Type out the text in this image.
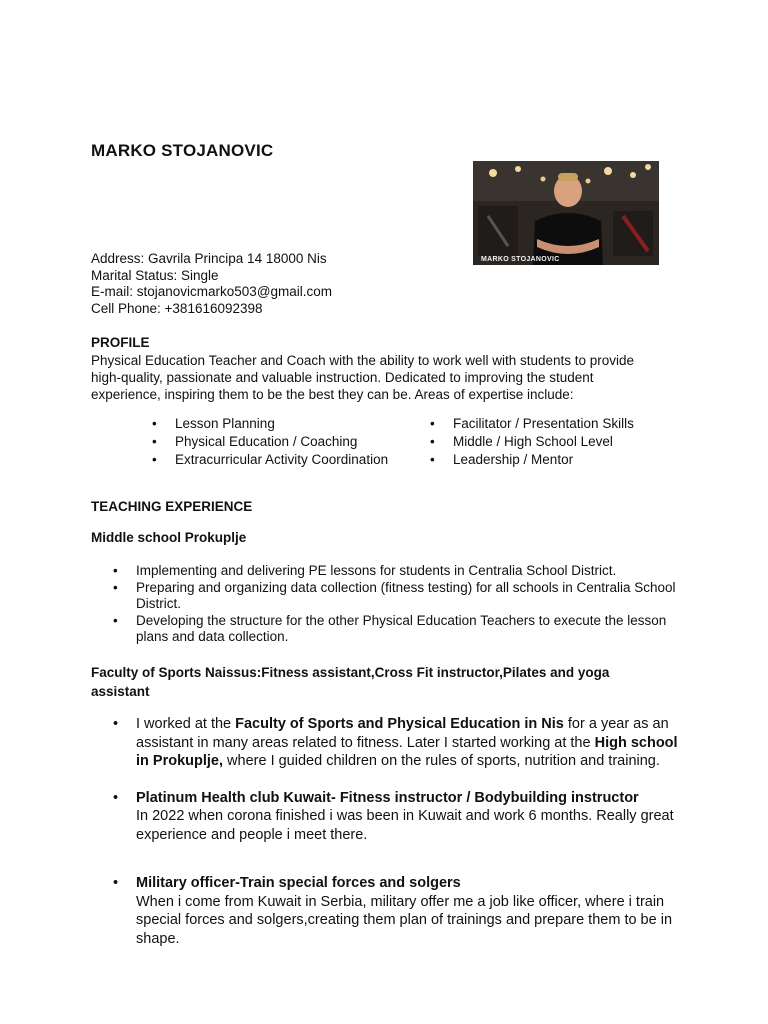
MARKO STOJANOVIC
MARKO STOJANOVIC
Address: Gavrila Principa 14 18000 Nis
Marital Status: Single
E-mail: stojanovicmarko503@gmail.com
Cell Phone: +381616092398
PROFILE
Physical Education Teacher and Coach with the ability to work well with students to provide high-quality, passionate and valuable instruction. Dedicated to improving the student experience, inspiring them to be the best they can be. Areas of expertise include:
• Lesson Planning
• Physical Education / Coaching
• Extracurricular Activity Coordination
• Facilitator / Presentation Skills
• Middle / High School Level
• Leadership / Mentor
TEACHING EXPERIENCE
Middle school Prokuplje
• Implementing and delivering PE lessons for students in Centralia School District.
• Preparing and organizing data collection (fitness testing) for all schools in Centralia School District.
• Developing the structure for the other Physical Education Teachers to execute the lesson plans and data collection.
Faculty of Sports Naissus:Fitness assistant,Cross Fit instructor,Pilates and yoga assistant
• I worked at the Faculty of Sports and Physical Education in Nis for a year as an assistant in many areas related to fitness. Later I started working at the High school in Prokuplje, where I guided children on the rules of sports, nutrition and training.
• Platinum Health club Kuwait- Fitness instructor / Bodybuilding instructor
In 2022 when corona finished i was been in Kuwait and work 6 months. Really great experience and people i meet there.
• Military officer-Train special forces and solgers
When i come from Kuwait in Serbia, military offer me a job like officer, where i train special forces and solgers,creating them plan of trainings and prepare them to be in shape.
